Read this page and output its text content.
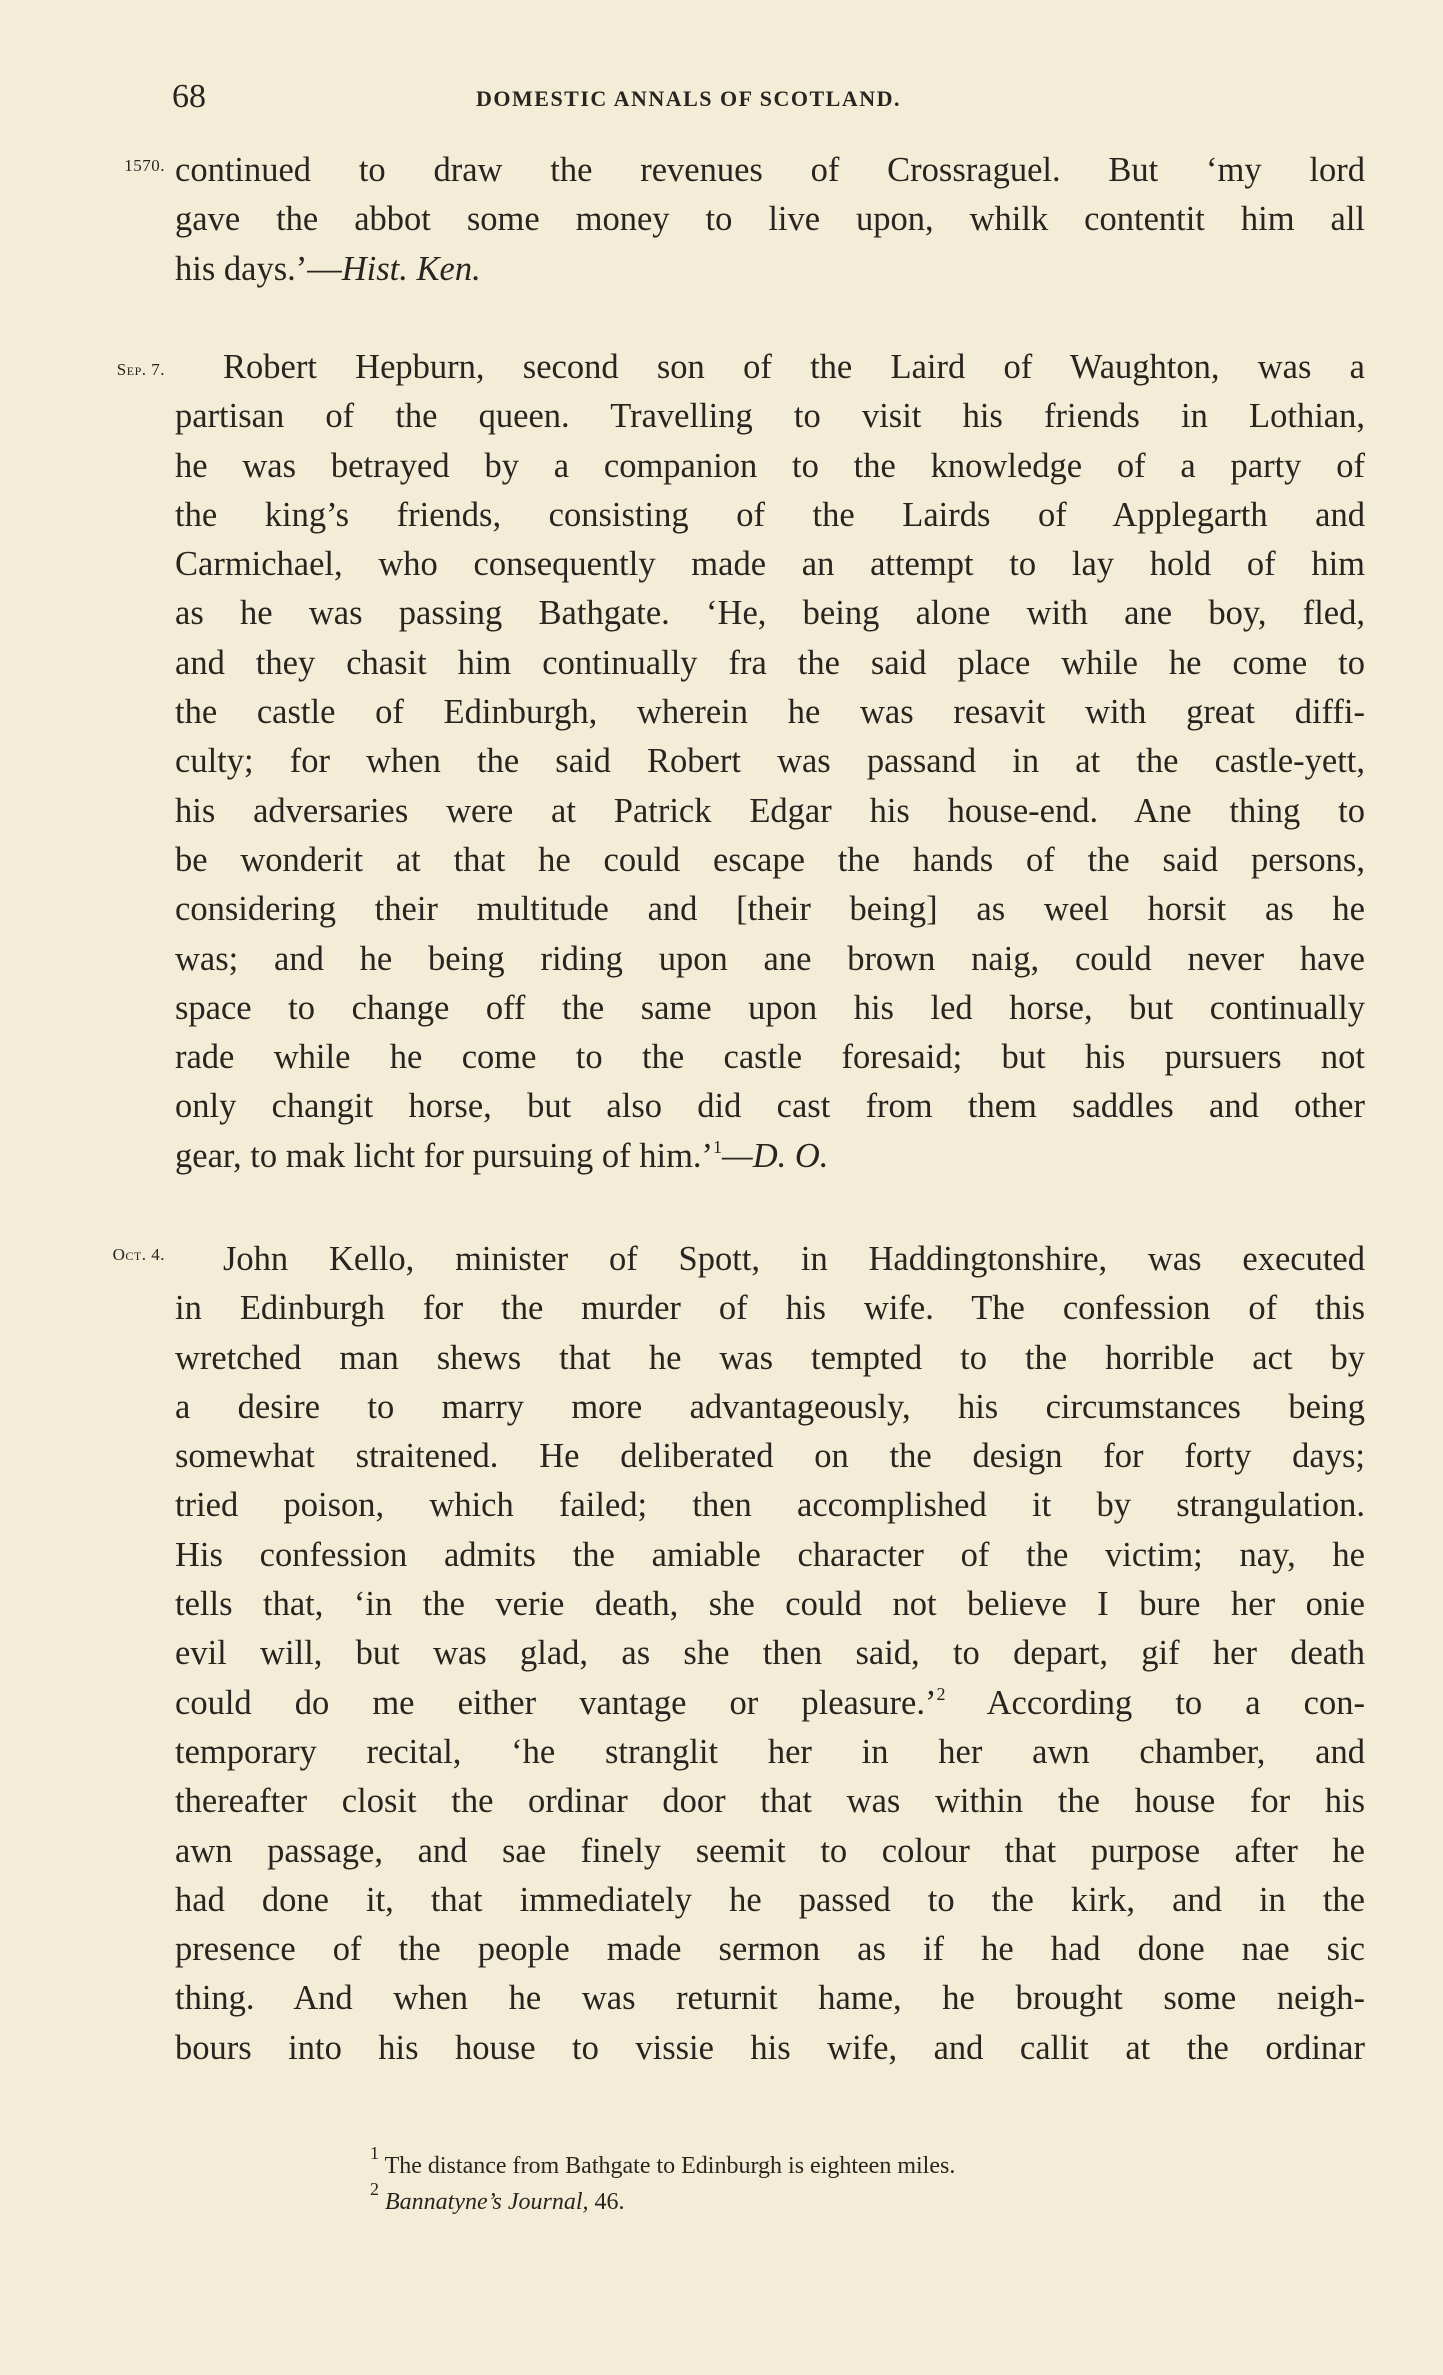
68	DOMESTIC ANNALS OF SCOTLAND.
1570. continued to draw the revenues of Crossraguel. But ‘my lord
gave the abbot some money to live upon, whilk contentit him all
his days.’—Hist. Ken.
Sep. 7.	Robert Hepburn, second son of the Laird of Waughton, was a
partisan of the queen. Travelling to visit his friends in Lothian,
he was betrayed by a companion to the knowledge of a party of
the king’s friends, consisting of the Lairds of Applegarth and
Carmichael, who consequently made an attempt to lay hold of him
as he was passing Bathgate. ‘He, being alone with ane boy, fled,
and they chasit him continually fra the said place while he come to
the castle of Edinburgh, wherein he was resavit with great diffi-
culty; for when the said Robert was passand in at the castle-yett,
his adversaries were at Patrick Edgar his house-end. Ane thing to
be wonderit at that he could escape the hands of the said persons,
considering their multitude and [their being] as weel horsit as he
was; and he being riding upon ane brown naig, could never have
space to change off the same upon his led horse, but continually
rade while he come to the castle foresaid; but his pursuers not
only changit horse, but also did cast from them saddles and other
gear, to mak licht for pursuing of him.’$^1$—D. O.
Oct. 4.	John Kello, minister of Spott, in Haddingtonshire, was executed
in Edinburgh for the murder of his wife. The confession of this
wretched man shews that he was tempted to the horrible act by
a desire to marry more advantageously, his circumstances being
somewhat straitened. He deliberated on the design for forty days;
tried poison, which failed; then accomplished it by strangulation.
His confession admits the amiable character of the victim; nay, he
tells that, ‘in the verie death, she could not believe I bure her onie
evil will, but was glad, as she then said, to depart, gif her death
could do me either vantage or pleasure.’$^2$ According to a con-
temporary recital, ‘he stranglit her in her awn chamber, and
thereafter closit the ordinar door that was within the house for his
awn passage, and sae finely seemit to colour that purpose after he
had done it, that immediately he passed to the kirk, and in the
presence of the people made sermon as if he had done nae sic
thing. And when he was returnit hame, he brought some neigh-
bours into his house to vissie his wife, and callit at the ordinar
$^1$ The distance from Bathgate to Edinburgh is eighteen miles.
$^2$ Bannatyne’s Journal, 46.
